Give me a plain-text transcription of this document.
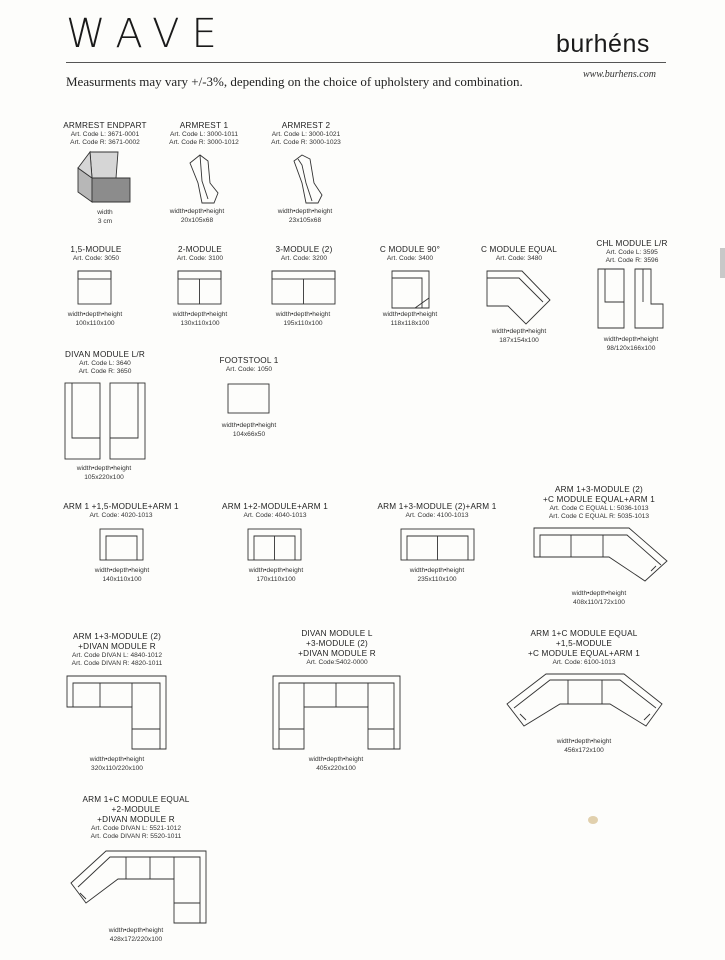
WAVE	burhéns
Measurments may vary +/-3%, depending on the choice of upholstery and combination.	www.burhens.com
ARMREST ENDPART
Art. Code L: 3671-0001
Art. Code R: 3671-0002
width
3 cm
ARMREST 1
Art. Code L: 3000-1011
Art. Code R: 3000-1012
width•depth•height
20x105x68
ARMREST 2
Art. Code L: 3000-1021
Art. Code R: 3000-1023
width•depth•height
23x105x68
1,5-MODULE
Art. Code: 3050
width•depth•height
100x110x100
2-MODULE
Art. Code: 3100
width•depth•height
130x110x100
3-MODULE (2)
Art. Code: 3200
width•depth•height
195x110x100
C MODULE 90°
Art. Code: 3400
width•depth•height
118x118x100
C MODULE EQUAL
Art. Code: 3480
width•depth•height
187x154x100
CHL MODULE L/R
Art. Code L: 3595
Art. Code R: 3596
width•depth•height
98/120x166x100
DIVAN MODULE L/R
Art. Code L: 3640
Art. Code R: 3650
width•depth•height
105x220x100
FOOTSTOOL 1
Art. Code: 1050
width•depth•height
104x66x50
ARM 1 +1,5-MODULE+ARM 1
Art. Code: 4020-1013
width•depth•height
140x110x100
ARM 1+2-MODULE+ARM 1
Art. Code: 4040-1013
width•depth•height
170x110x100
ARM 1+3-MODULE (2)+ARM 1
Art. Code: 4100-1013
width•depth•height
235x110x100
ARM 1+3-MODULE (2)
+C MODULE EQUAL+ARM 1
Art. Code C EQUAL L: 5036-1013
Art. Code C EQUAL R: 5035-1013
width•depth•height
408x110/172x100
ARM 1+3-MODULE (2)
+DIVAN MODULE R
Art. Code DIVAN L: 4840-1012
Art. Code DIVAN R: 4820-1011
width•depth•height
320x110/220x100
DIVAN MODULE L
+3-MODULE (2)
+DIVAN MODULE R
Art. Code:5402-0000
width•depth•height
405x220x100
ARM 1+C MODULE EQUAL
+1,5-MODULE
+C MODULE EQUAL+ARM 1
Art. Code: 6100-1013
width•depth•height
456x172x100
ARM 1+C MODULE EQUAL
+2-MODULE
+DIVAN MODULE R
Art. Code DIVAN L: 5521-1012
Art. Code DIVAN R: 5520-1011
width•depth•height
428x172/220x100
